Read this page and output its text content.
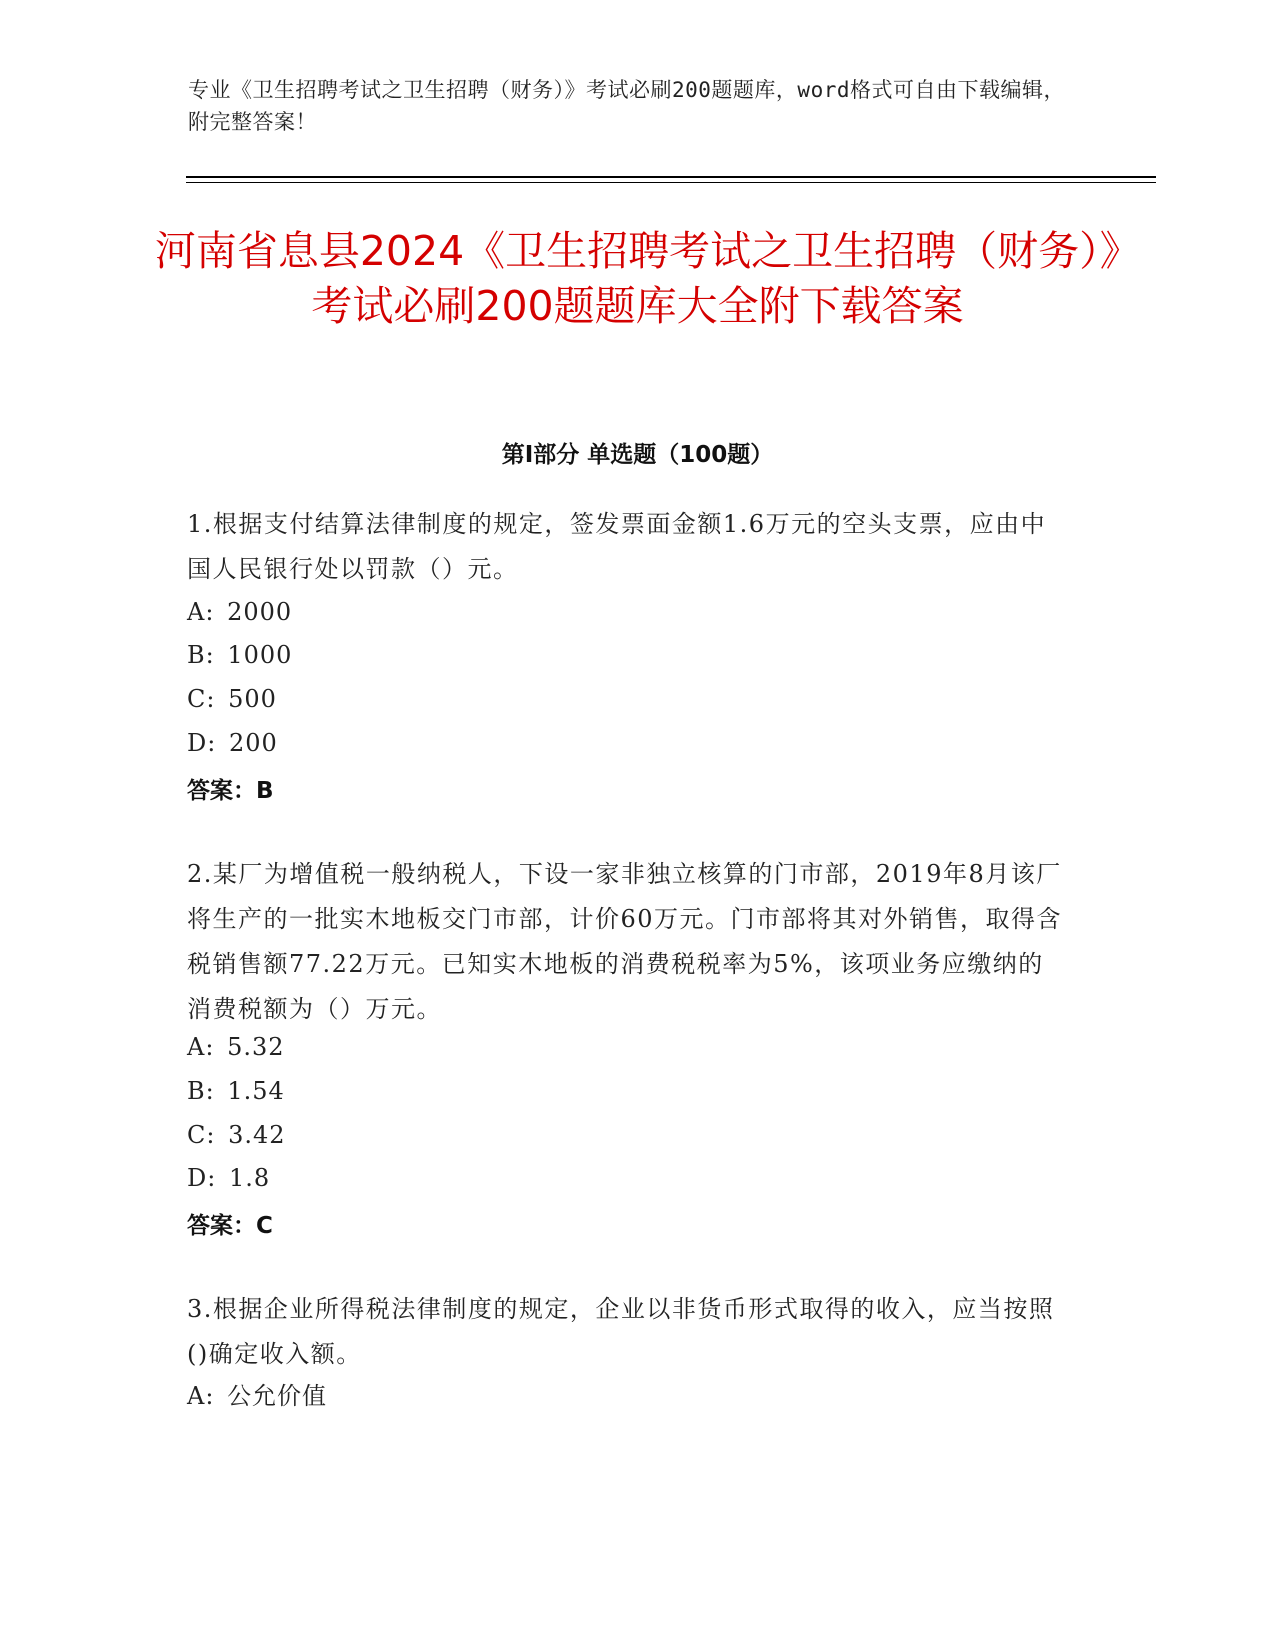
专业《卫生招聘考试之卫生招聘（财务）》考试必刷200题题库，word格式可自由下载编辑，附完整答案！
河南省息县2024《卫生招聘考试之卫生招聘（财务）》考试必刷200题题库大全附下载答案
第I部分 单选题（100题）
1.根据支付结算法律制度的规定，签发票面金额1.6万元的空头支票，应由中国人民银行处以罚款（）元。
A: 2000
B: 1000
C: 500
D: 200
答案：B
2.某厂为增值税一般纳税人，下设一家非独立核算的门市部，2019年8月该厂将生产的一批实木地板交门市部，计价60万元。门市部将其对外销售，取得含税销售额77.22万元。已知实木地板的消费税税率为5%，该项业务应缴纳的消费税额为（）万元。
A: 5.32
B: 1.54
C: 3.42
D: 1.8
答案：C
3.根据企业所得税法律制度的规定，企业以非货币形式取得的收入，应当按照()确定收入额。
A: 公允价值
